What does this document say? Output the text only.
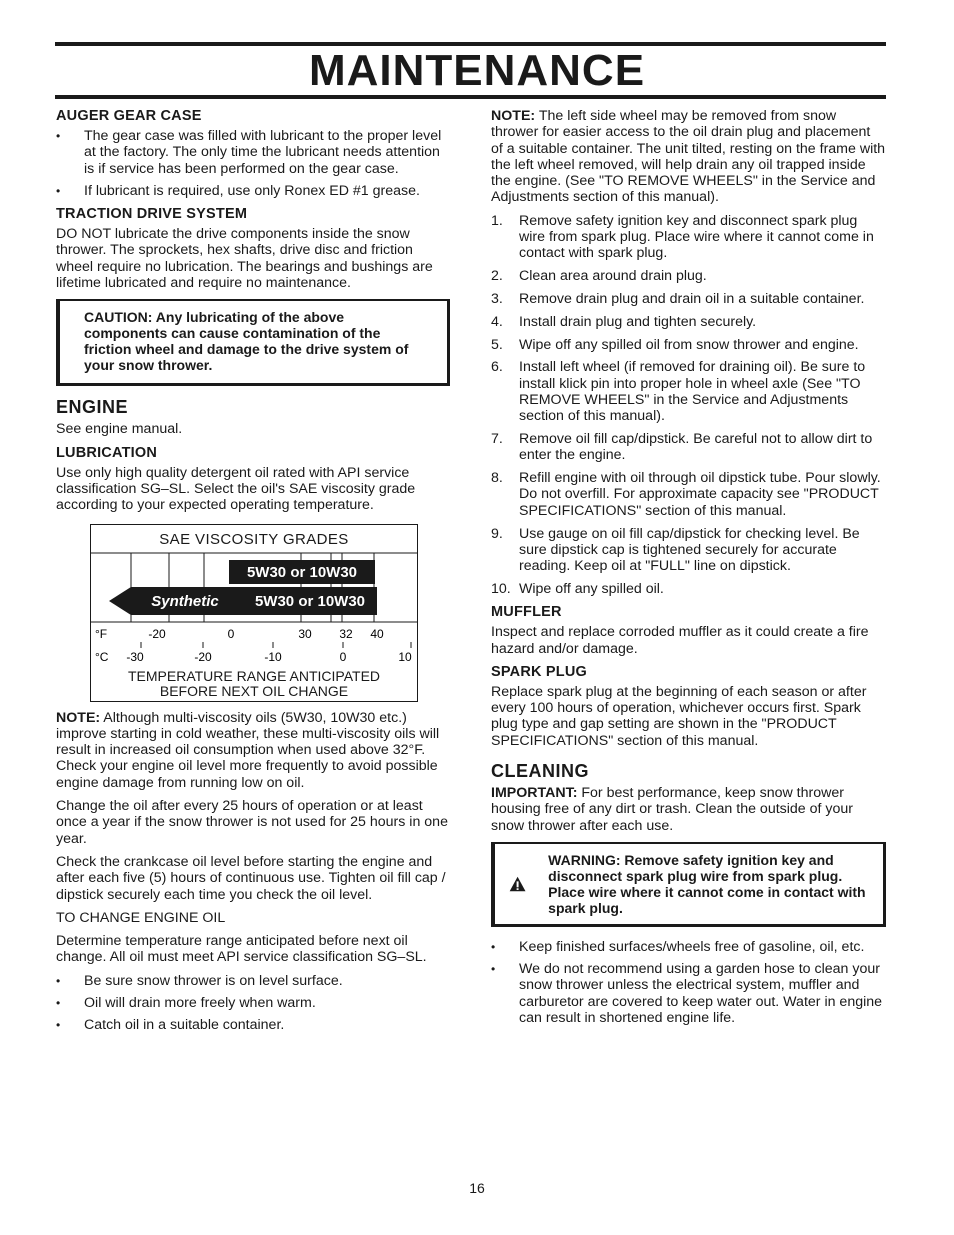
MAINTENANCE
AUGER GEAR CASE
• The gear case was filled with lubricant to the proper level at the factory. The only time the lubricant needs attention is if service has been performed on the gear case.
• If lubricant is required, use only Ronex ED #1 grease.
TRACTION DRIVE SYSTEM

DO NOT lubricate the drive components inside the snow thrower. The sprockets, hex shafts, drive disc and friction wheel require no lubrication. The bearings and bushings are lifetime lubricated and require no maintenance.

CAUTION: Any lubricating of the above components can cause contamination of the friction wheel and damage to the drive system of your snow thrower.
ENGINE

See engine manual.

LUBRICATION

Use only high quality detergent oil rated with API service classification SG–SL. Select the oil's SAE viscosity grade according to your expected operating temperature.

SAE VISCOSITY GRADES
5W30 or 10W30
Synthetic 5W30 or 10W30
°F	-20	0	30 32 40
°C -30	-20	-10	0	10
TEMPERATURE RANGE ANTICIPATED
BEFORE NEXT OIL CHANGE

NOTE: Although multi-viscosity oils (5W30, 10W30 etc.) improve starting in cold weather, these multi-viscosity oils will result in increased oil consumption when used above 32°F. Check your engine oil level more frequently to avoid possible engine damage from running low on oil.

Change the oil after every 25 hours of operation or at least once a year if the snow thrower is not used for 25 hours in one year.

Check the crankcase oil level before starting the engine and after each five (5) hours of continuous use. Tighten oil fill cap / dipstick securely each time you check the oil level.

TO CHANGE ENGINE OIL

Determine temperature range anticipated before next oil change. All oil must meet API service classification SG–SL.

• Be sure snow thrower is on level surface.
• Oil will drain more freely when warm.
• Catch oil in a suitable container.

NOTE: The left side wheel may be removed from snow thrower for easier access to the oil drain plug and placement of a suitable container. The unit tilted, resting on the frame with the left wheel removed, will help drain any oil trapped inside the engine. (See "TO REMOVE WHEELS" in the Service and Adjustments section of this manual).

1. Remove safety ignition key and disconnect spark plug wire from spark plug. Place wire where it cannot come in contact with spark plug.
2. Clean area around drain plug.
3. Remove drain plug and drain oil in a suitable container.
4. Install drain plug and tighten securely.
5. Wipe off any spilled oil from snow thrower and engine.
6. Install left wheel (if removed for draining oil). Be sure to install klick pin into proper hole in wheel axle (See "TO REMOVE WHEELS" in the Service and Adjustments section of this manual).
7. Remove oil fill cap/dipstick. Be careful not to allow dirt to enter the engine.
8. Refill engine with oil through oil dipstick tube. Pour slowly. Do not overfill. For approximate capacity see "PRODUCT SPECIFICATIONS" section of this manual.
9. Use gauge on oil fill cap/dipstick for checking level. Be sure dipstick cap is tightened securely for accurate reading. Keep oil at "FULL" line on dipstick.
10. Wipe off any spilled oil.
MUFFLER

Inspect and replace corroded muffler as it could create a fire hazard and/or damage.

SPARK PLUG

Replace spark plug at the beginning of each season or after every 100 hours of operation, whichever occurs first. Spark plug type and gap setting are shown in the "PRODUCT SPECIFICATIONS" section of this manual.

CLEANING

IMPORTANT: For best performance, keep snow thrower housing free of any dirt or trash. Clean the outside of your snow thrower after each use.

WARNING: Remove safety ignition key and disconnect spark plug wire from spark plug. Place wire where it cannot come in contact with spark plug.
• Keep finished surfaces/wheels free of gasoline, oil, etc.
• We do not recommend using a garden hose to clean your snow thrower unless the electrical system, muffler and carburetor are covered to keep water out. Water in engine can result in shortened engine life.
16
